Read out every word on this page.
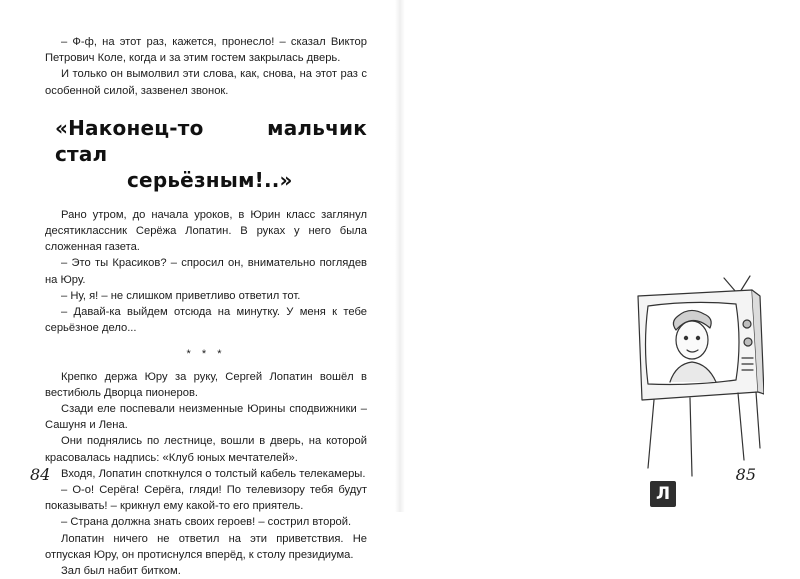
– Ф-ф, на этот раз, кажется, пронесло! – сказал Виктор Петрович Коле, когда и за этим гостем закрылась дверь.

И только он вымолвил эти слова, как, снова, на этот раз с особенной силой, зазвенел звонок.

«Наконец-то мальчик стал
серьёзным!..»

Рано утром, до начала уроков, в Юрин класс заглянул десятиклассник Серёжа Лопатин. В руках у него была сложенная газета.

– Это ты Красиков? – спросил он, внимательно поглядев на Юру.

– Ну, я! – не слишком приветливо ответил тот.

– Давай-ка выйдем отсюда на минутку. У меня к тебе серьёзное дело...

* * *

Крепко держа Юру за руку, Сергей Лопатин вошёл в вестибюль Дворца пионеров.

Сзади еле поспевали неизменные Юрины сподвижники – Сашуня и Лена.

Они поднялись по лестнице, вошли в дверь, на которой красовалась надпись: «Клуб юных мечтателей».

Входя, Лопатин споткнулся о толстый кабель телекамеры.

– О-о! Серёга! Серёга, гляди! По телевизору тебя будут показывать! – крикнул ему какой-то его приятель.

– Страна должна знать своих героев! – сострил второй.

Лопатин ничего не ответил на эти приветствия. Не отпуская Юру, он протиснулся вперёд, к столу президиума.

Зал был набит битком.

84	85
Л
